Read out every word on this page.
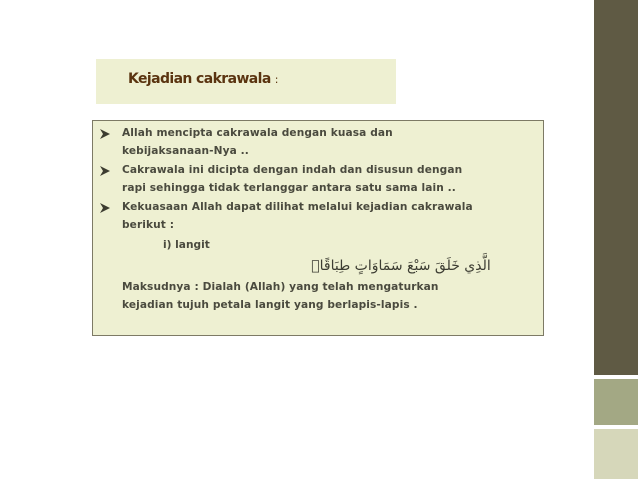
Kejadian cakrawala :
Allah mencipta cakrawala dengan kuasa dan
kebijaksanaan-Nya ..
Cakrawala ini dicipta dengan indah dan disusun dengan
rapi sehingga tidak terlanggar antara satu sama lain ..
Kekuasaan Allah dapat dilihat melalui kejadian cakrawala
berikut :
i) langit
الَّذِي خَلَقَ سَبْعَ سَمَاوَاتٍ طِبَاقًاۖ
Maksudnya : Dialah (Allah) yang telah mengaturkan
kejadian tujuh petala langit yang berlapis-lapis .
